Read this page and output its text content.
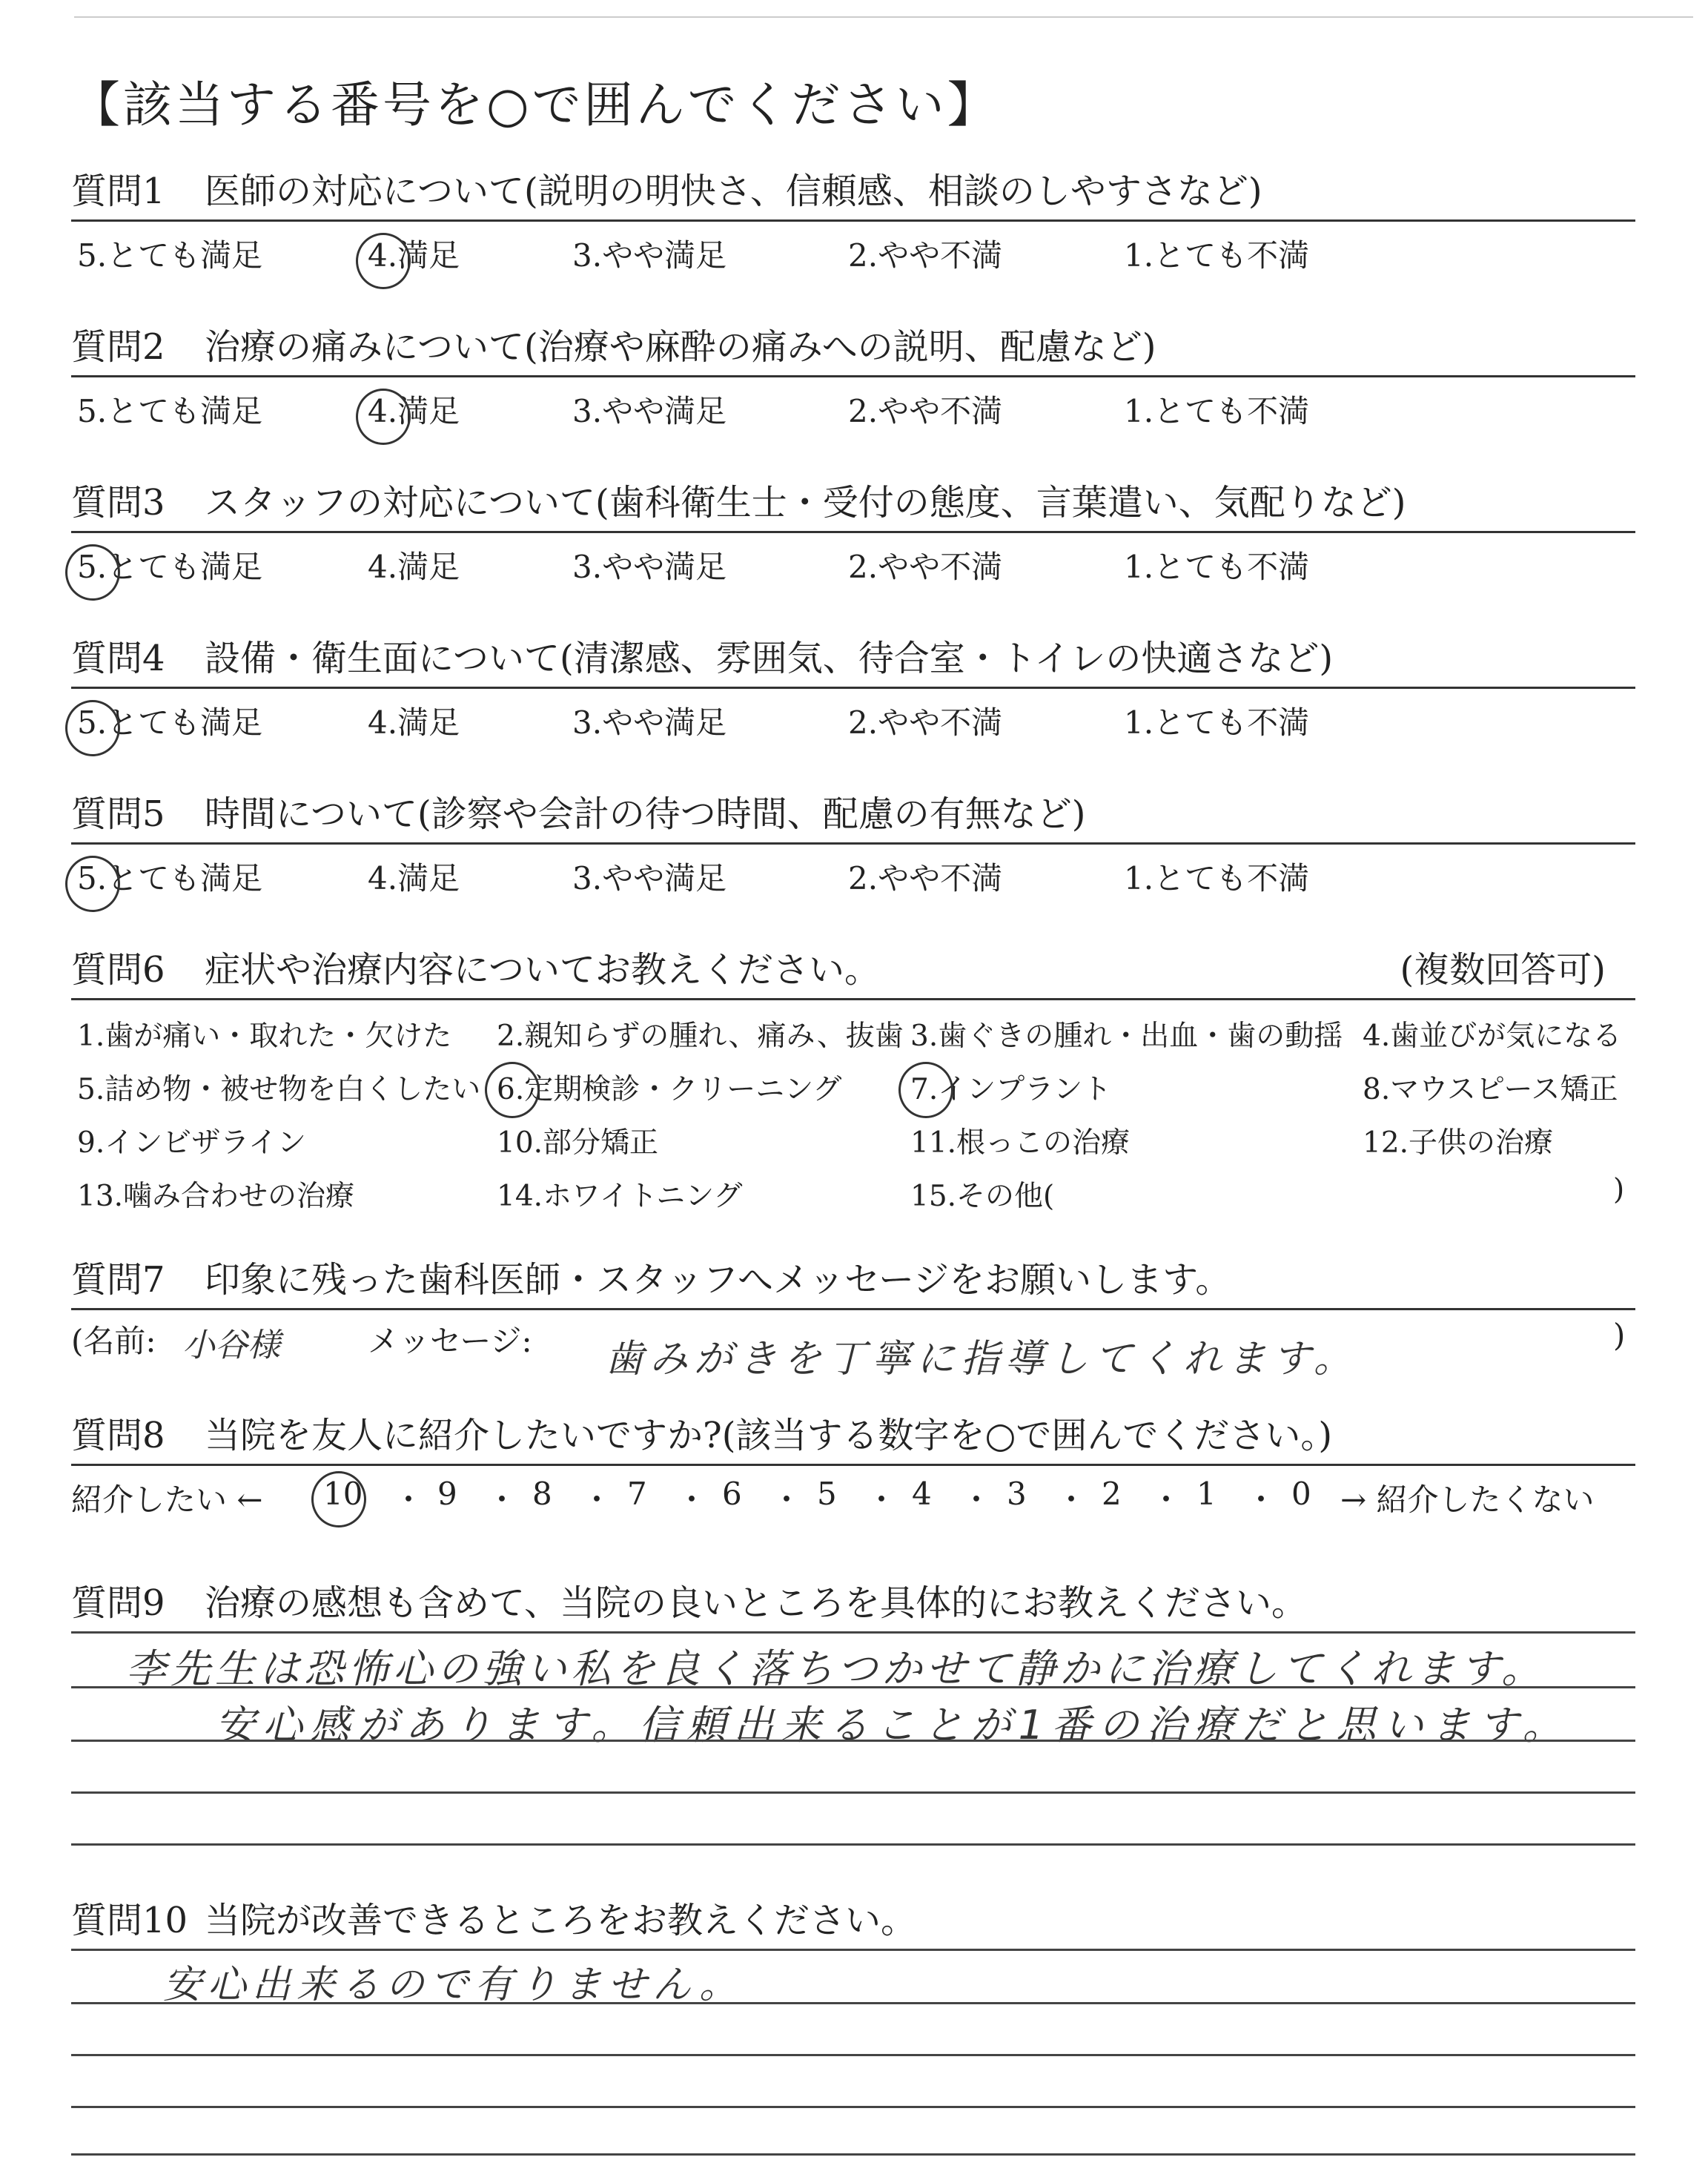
【該当する番号を○で囲んでください】
質問1 医師の対応について(説明の明快さ、信頼感、相談のしやすさなど)
5.とても満足	4.満足	3.やや満足	2.やや不満	1.とても不満
質問2 治療の痛みについて(治療や麻酔の痛みへの説明、配慮など)
5.とても満足	4.満足	3.やや満足	2.やや不満	1.とても不満
質問3 スタッフの対応について(歯科衛生士・受付の態度、言葉遣い、気配りなど)
5.とても満足	4.満足	3.やや満足	2.やや不満	1.とても不満
質問4 設備・衛生面について(清潔感、雰囲気、待合室・トイレの快適さなど)
5.とても満足	4.満足	3.やや満足	2.やや不満	1.とても不満
質問5 時間について(診察や会計の待つ時間、配慮の有無など)
5.とても満足	4.満足	3.やや満足	2.やや不満	1.とても不満
質問6 症状や治療内容についてお教えください。	(複数回答可)
1.歯が痛い・取れた・欠けた 2.親知らずの腫れ、痛み、抜歯 3.歯ぐきの腫れ・出血・歯の動揺 4.歯並びが気になる
5.詰め物・被せ物を白くしたい 6.定期検診・クリーニング 7.インプラント	8.マウスピース矯正
9.インビザライン	10.部分矯正	11.根っこの治療	12.子供の治療
13.噛み合わせの治療	14.ホワイトニング	15.その他(	)
質問7 印象に残った歯科医師・スタッフへメッセージをお願いします。
(名前: 小谷様	メッセージ: 歯みがきを丁寧に指導してくれます。
)
質問8 当院を友人に紹介したいですか?(該当する数字を○で囲んでください。)
紹介したい ← 10 ・ 9 ・ 8 ・ 7 ・ 6 ・ 5 ・ 4 ・ 3 ・ 2 ・ 1 ・ 0 → 紹介したくない
質問9 治療の感想も含めて、当院の良いところを具体的にお教えください。
李先生は恐怖心の強い私を良く落ちつかせて静かに治療してくれます。
安心感があります。信頼出来ることが1番の治療だと思います。
質問10 当院が改善できるところをお教えください。
安心出来るので有りません。
